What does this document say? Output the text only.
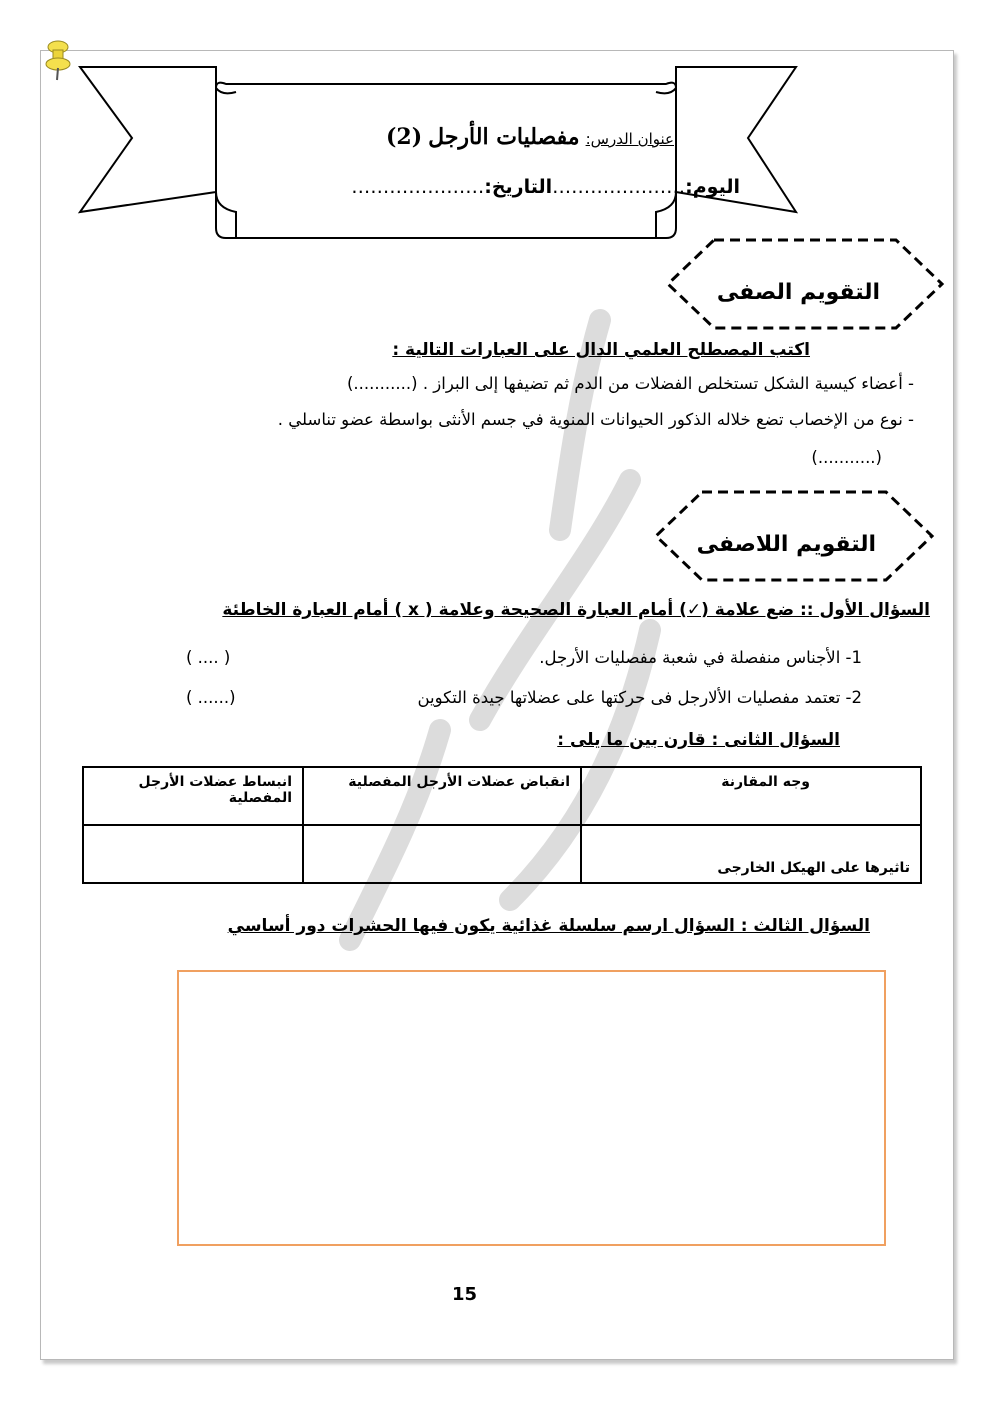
عنوان الدرس: مفصليات الأرجل (2)
اليوم:…………………التاريخ:…………………
التقويم الصفى
اكتب المصطلح العلمي الدال على العبارات التالية :
- أعضاء كيسية الشكل تستخلص الفضلات من الدم ثم تضيفها إلى البراز . (...........)
- نوع من الإخصاب تضع خلاله الذكور الحيوانات المنوية في جسم الأنثى بواسطة عضو تناسلي .
(...........)
التقويم اللاصفى
السؤال الأول :: ضع علامة (✓) أمام العبارة الصحيحة وعلامة ( x ) أمام العبارة الخاطئة
1- الأجناس منفصلة في شعبة مفصليات الأرجل.
( .... )
2- تعتمد مفصليات الألارجل فى حركتها على عضلاتها جيدة التكوين
(...... )
السؤال الثانى : قارن بين ما يلى :
وجه المقارنة	انقباض عضلات الأرجل المفصلية	انبساط عضلات الأرجل المفصلية
تاثيرها على الهيكل الخارجى		
السؤال الثالث : السؤال ارسم سلسلة غذائية يكون فيها الحشرات دور أساسي
15
